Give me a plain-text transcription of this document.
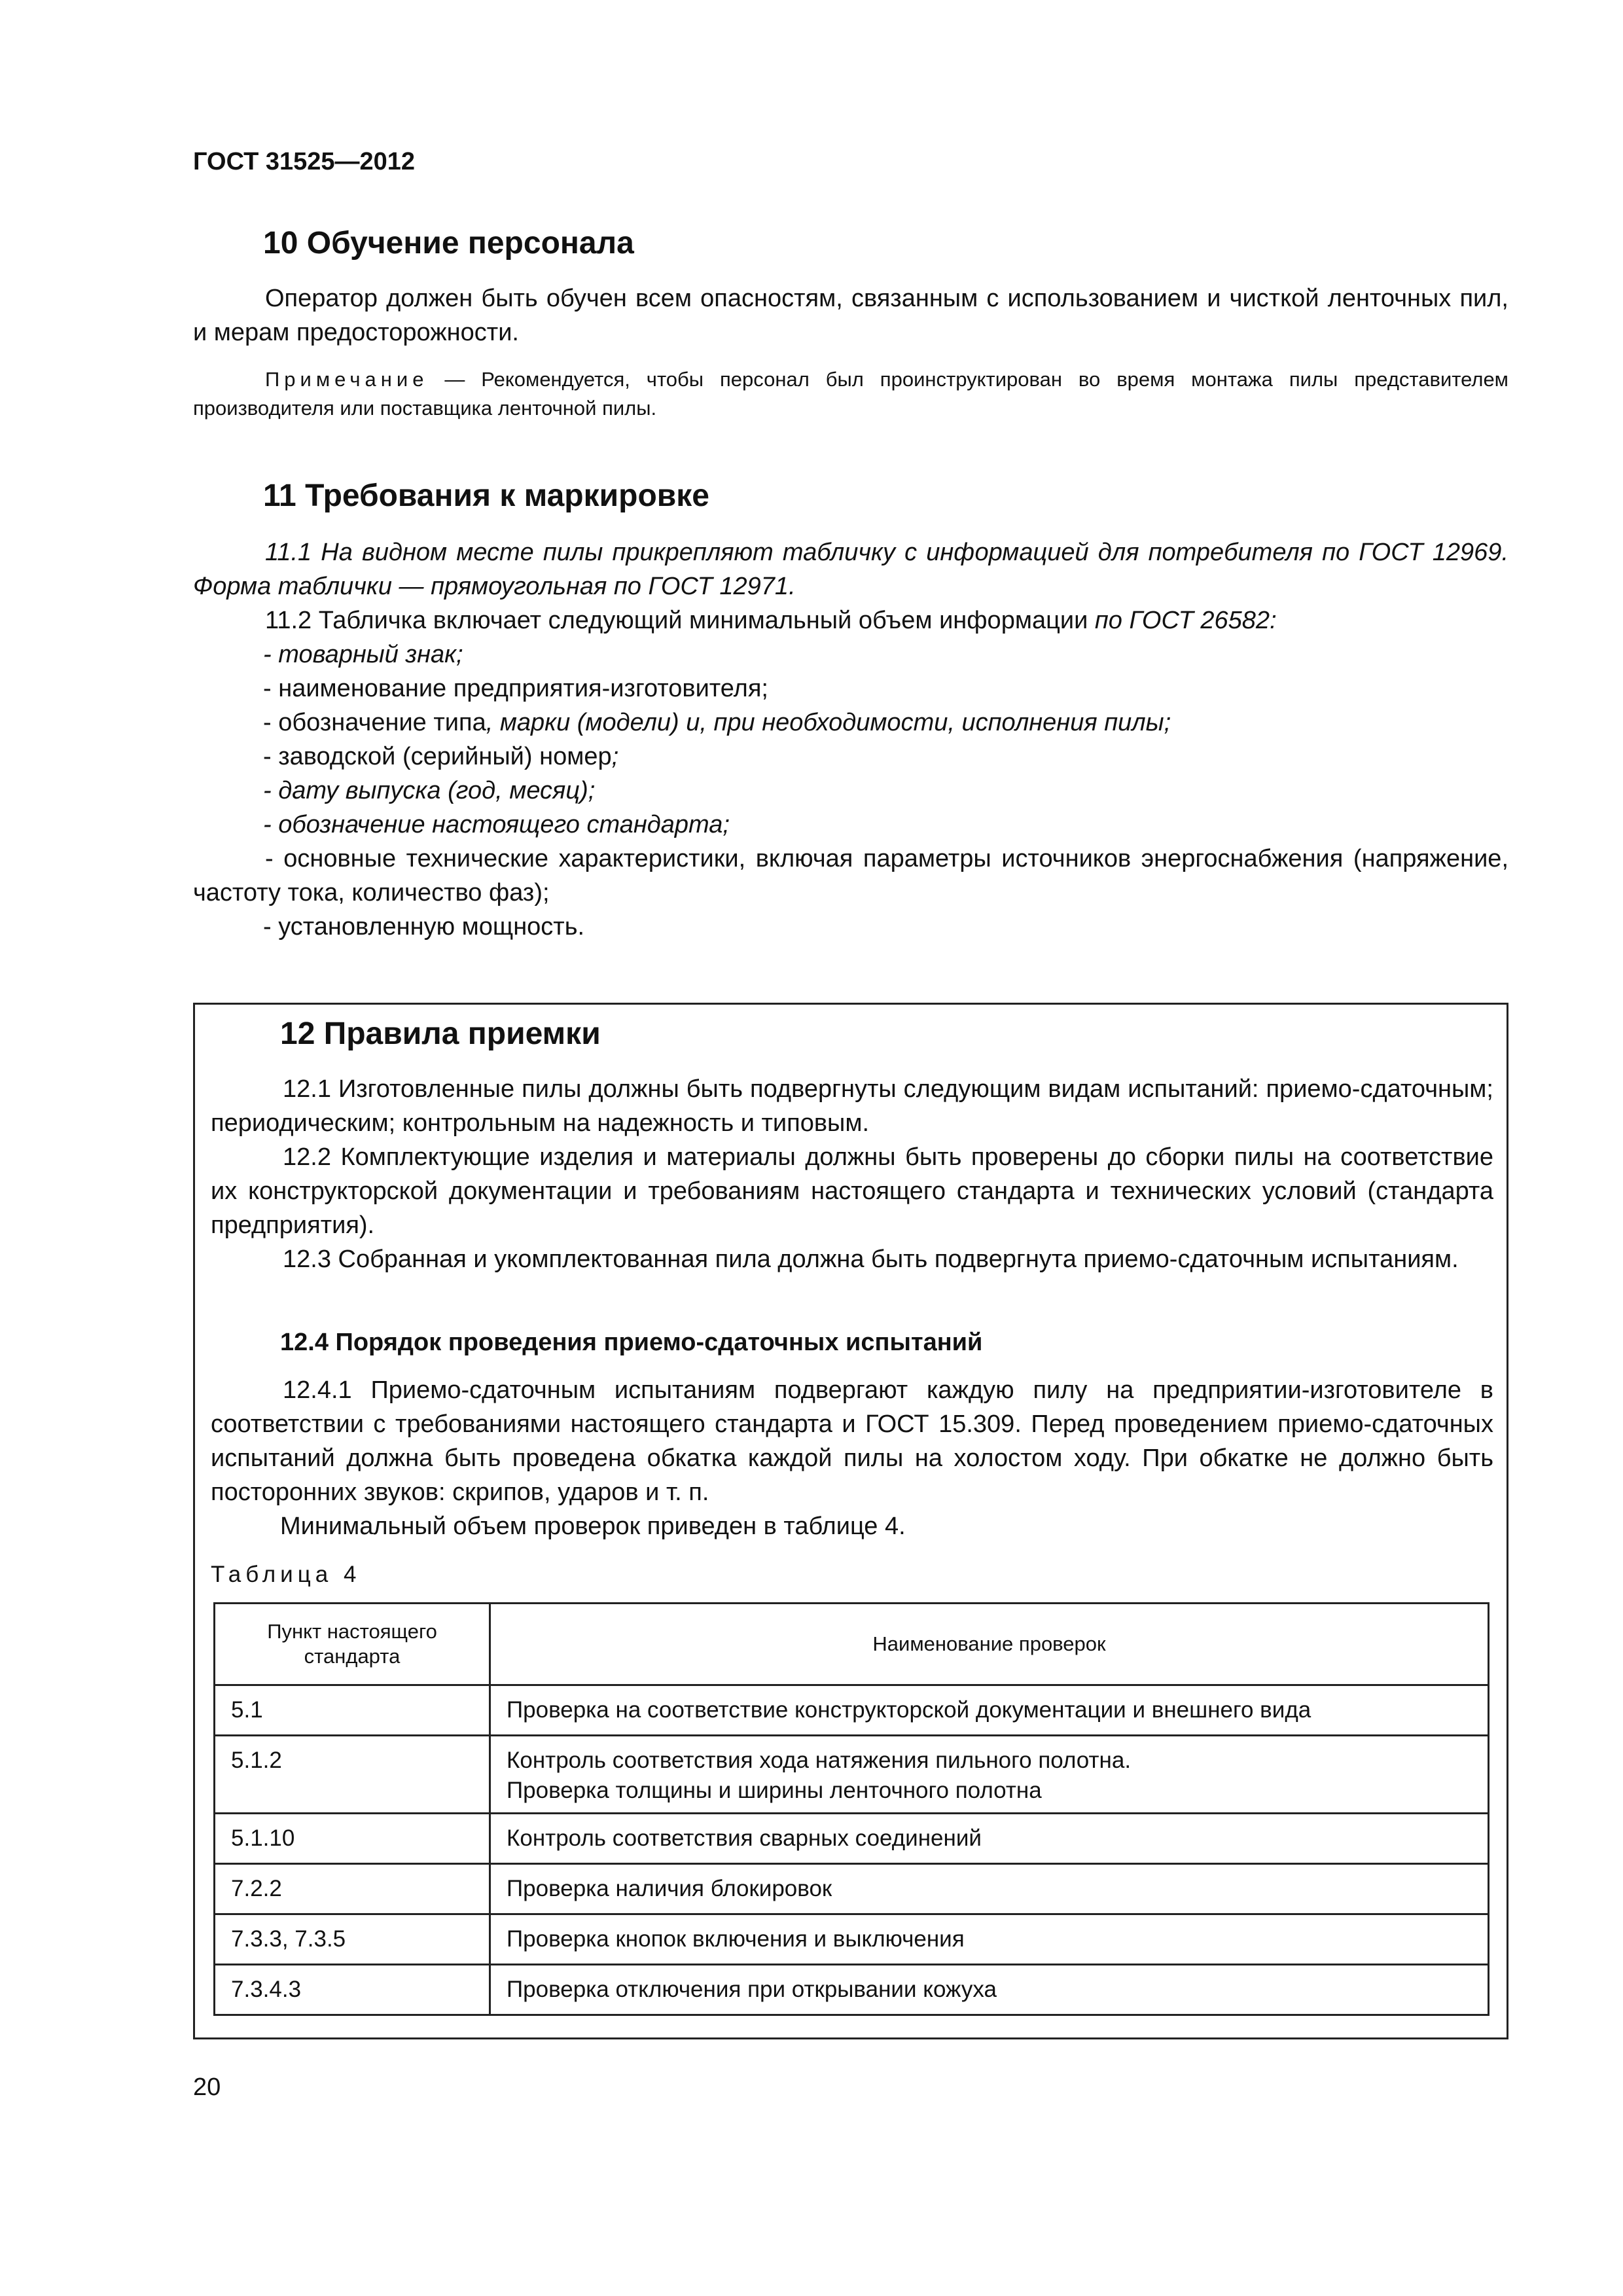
ГОСТ 31525—2012
10 Обучение персонала
Оператор должен быть обучен всем опасностям, связанным с использованием и чисткой ленточных пил, и мерам предосторожности.
Примечание — Рекомендуется, чтобы персонал был проинструктирован во время монтажа пилы представителем производителя или поставщика ленточной пилы.
11 Требования к маркировке
11.1 На видном месте пилы прикрепляют табличку с информацией для потребителя по ГОСТ 12969. Форма таблички — прямоугольная по ГОСТ 12971.
11.2 Табличка включает следующий минимальный объем информации по ГОСТ 26582:
- товарный знак;
- наименование предприятия-изготовителя;
- обозначение типа, марки (модели) и, при необходимости, исполнения пилы;
- заводской (серийный) номер;
- дату выпуска (год, месяц);
- обозначение настоящего стандарта;
- основные технические характеристики, включая параметры источников энергоснабжения (напряжение, частоту тока, количество фаз);
- установленную мощность.
12 Правила приемки
12.1 Изготовленные пилы должны быть подвергнуты следующим видам испытаний: приемо-сдаточным; периодическим; контрольным на надежность и типовым.
12.2 Комплектующие изделия и материалы должны быть проверены до сборки пилы на соответствие их конструкторской документации и требованиям настоящего стандарта и технических условий (стандарта предприятия).
12.3 Собранная и укомплектованная пила должна быть подвергнута приемо-сдаточным испытаниям.
12.4 Порядок проведения приемо-сдаточных испытаний
12.4.1 Приемо-сдаточным испытаниям подвергают каждую пилу на предприятии-изготовителе в соответствии с требованиями настоящего стандарта и ГОСТ 15.309. Перед проведением приемо-сдаточных испытаний должна быть проведена обкатка каждой пилы на холостом ходу. При обкатке не должно быть посторонних звуков: скрипов, ударов и т. п.
Минимальный объем проверок приведен в таблице 4.
Таблица 4
Пункт настоящего
стандарта	Наименование проверок
5.1	Проверка на соответствие конструкторской документации и внешнего вида
5.1.2	Контроль соответствия хода натяжения пильного полотна.
Проверка толщины и ширины ленточного полотна
5.1.10	Контроль соответствия сварных соединений
7.2.2	Проверка наличия блокировок
7.3.3, 7.3.5	Проверка кнопок включения и выключения
7.3.4.3	Проверка отключения при открывании кожуха
20
